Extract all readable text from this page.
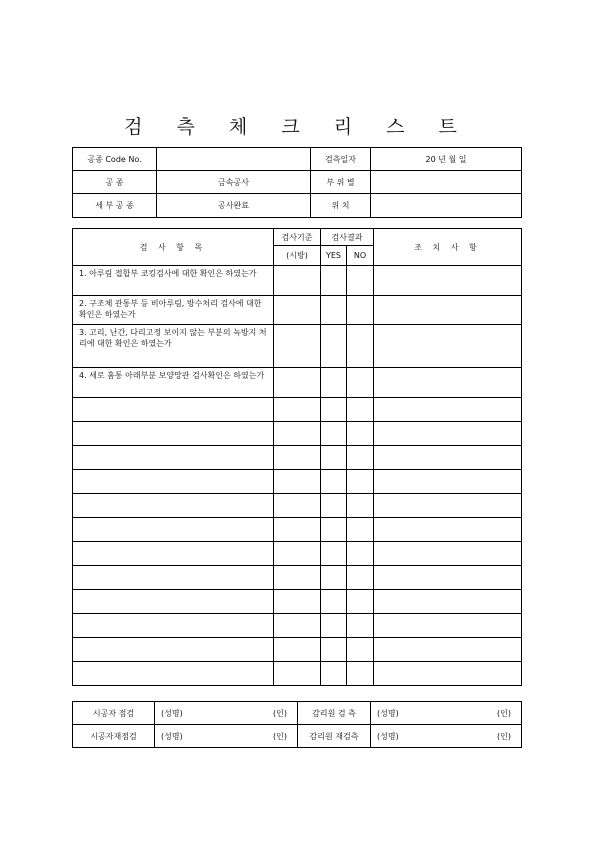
검 측 체 크 리 스 트
공종 Code No.		검측일자	20 년 월 일
공 종	금속공사	부 위 별	
세 부 공 종	공사완료	위 치	
검 사 항 목	검사기준	검사결과		조 치 사 항
	(시방)	YES	NO	
1. 아루림 접합부 코킹검사에 대한 확인은 하였는가				
2. 구조체 관통부 등 비아루림, 방수처리 검사에 대한 확인은 하였는가				
3. 고리, 난간, 다리고정 보이지 않는 부분의 녹방지 처리에 대한 확인은 하였는가				
4. 세로 홈통 아래부분 보양망관 검사확인은 하였는가				

시공자 점검	(성명) (인)	감리원 검 측	(성명) (인)

시공자재점검	(성명) (인)	감리원 재검측	(성명) (인)
